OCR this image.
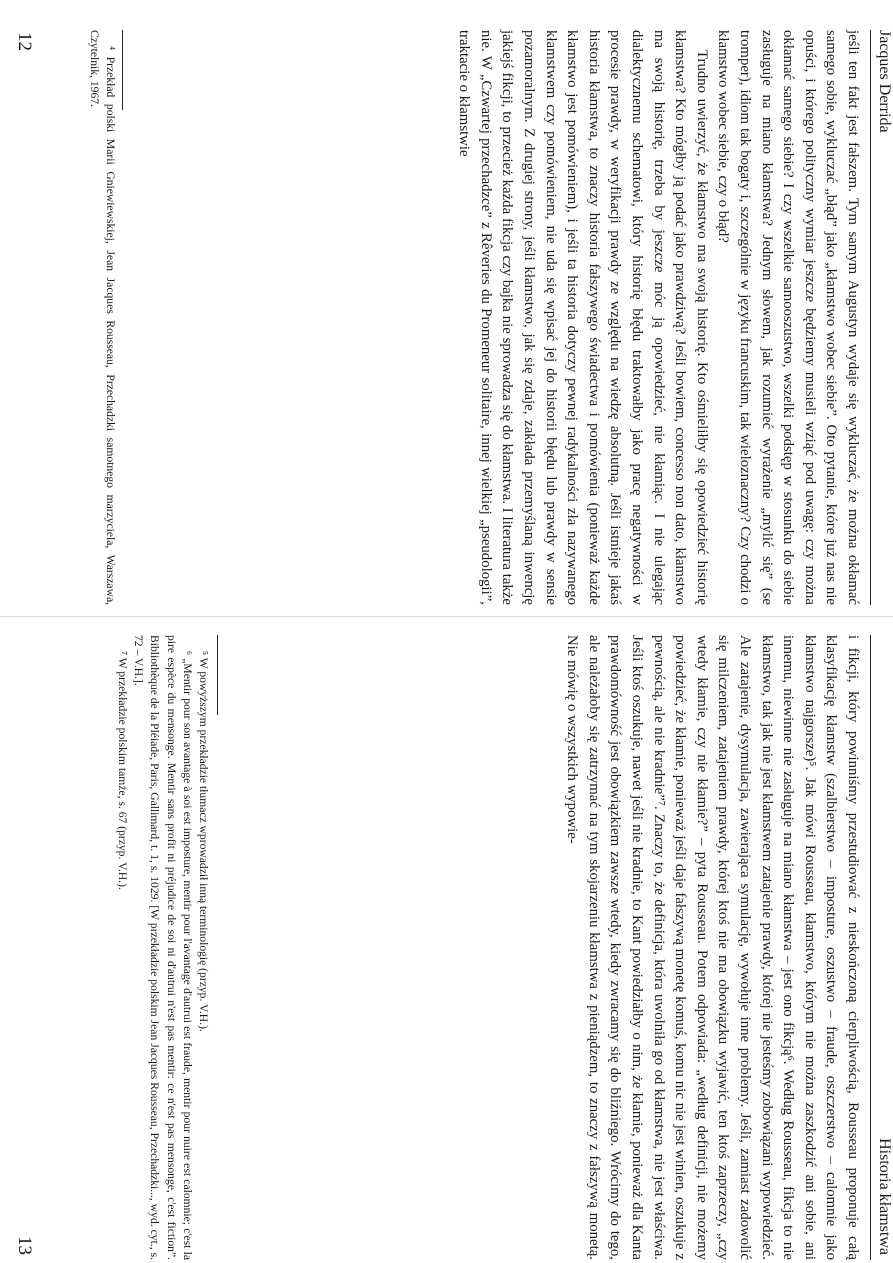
Jacques Derrida

jeśli ten fakt jest fałszem. Tym samym Augustyn wydaje się wykluczać, że można okłamać samego sobie, wykluczać „błąd” jako „kłamstwo wobec siebie”. Oto pytanie, które już nas nie opuści, i którego polityczny wymiar jeszcze będziemy musieli wziąć pod uwagę: czy można okłamać samego siebie? I czy wszelkie samooszustwo, wszelki podstęp w stosunku do siebie zasługuje na miano kłamstwa? Jednym słowem, jak rozumieć wyrażenie „mylić się” (se tromper), idiom tak bogaty i, szczególnie w języku francuskim, tak wieloznaczny? Czy chodzi o kłamstwo wobec siebie, czy o błąd?

Trudno uwierzyć, że kłamstwo ma swoją historię. Kto ośmieliłby się opowiedzieć historię kłamstwa? Kto mógłby ją podać jako prawdziwą? Jeśli bowiem, concesso non dato, kłamstwo ma swoją historię, trzeba by jeszcze móc ją opowiedzieć, nie kłamiąc. I nie ulegając dialektycznemu schematowi, który historię błędu traktowałby jako pracę negatywności w procesie prawdy, w weryfikacji prawdy ze względu na wiedzę absolutną. Jeśli istnieje jakaś historia kłamstwa, to znaczy historia fałszywego świadectwa i pomówienia (ponieważ każde kłamstwo jest pomówieniem), i jeśli ta historia dotyczy pewnej radykalności zła nazywanego kłamstwem czy pomówieniem, nie uda się wpisać jej do historii błędu lub prawdy w sensie pozamoralnym. Z drugiej strony, jeśli kłamstwo, jak się zdaje, zakłada przemyślaną inwencję jakiejś fikcji, to przecież każda fikcja czy bajka nie sprowadza się do kłamstwa. I literatura także nie. W „Czwartej przechadzce” z Rêveries du Promeneur solitaire, innej wielkiej „pseudologii”, traktacie o kłamstwie

⁴ Przekład polski Marii Gniewiewskiej, Jean Jacques Rousseau, Przechadzki samotnego marzyciela, Warszawa, Czytelnik, 1967.

12
Historia kłamstwa

i fikcji, który powinniśmy przestudiować z nieskończoną cierpliwością, Rousseau proponuje całą klasyfikację kłamstw (szalbierstwo – imposture, oszustwo – fraude, oszczerstwo – calomnie jako kłamstwo najgorsze)⁵. Jak mówi Rousseau, kłamstwo, którym nie można zaszkodzić ani sobie, ani innemu, niewinne nie zasługuje na miano kłamstwa – jest ono fikcją⁶. Według Rousseau, fikcja to nie kłamstwo, tak jak nie jest kłamstwem zatajenie prawdy, której nie jesteśmy zobowiązani wypowiedzieć. Ale zatajenie, dysymulacja, zawierająca symulację, wywołuje inne problemy. Jeśli, zamiast zadowolić się milczeniem, zatajeniem prawdy, której ktoś nie ma obowiązku wyjawić, ten ktoś zaprzeczy, „czy wtedy kłamie, czy nie kłamie?” – pyta Rousseau. Potem odpowiada: „według definicji, nie możemy powiedzieć, że kłamie, ponieważ jeśli daje fałszywą monetę komuś, komu nic nie jest winien, oszukuje z pewnością, ale nie kradnie”⁷. Znaczy to, że definicja, która uwolniła go od kłamstwa, nie jest właściwa. Jeśli ktoś oszukuje, nawet jeśli nie kradnie, to Kant powiedziałby o nim, że kłamie, ponieważ dla Kanta prawdomówność jest obowiązkiem zawsze wtedy, kiedy zwracamy się do bliźniego. Wrócimy do tego, ale należałoby się zatrzymać na tym skojarzeniu kłamstwa z pieniądzem, to znaczy z fałszywą monetą. Nie mówię o wszystkich wypowie-

⁵ W powyższym przekładzie tłumacz wprowadził inną terminologię (przyp. V.H.).

⁶ „Mentir pour son avantage à soi est imposture, mentir pour l'avantage d'autrui est fraude, mentir pour nuire est calomnie; c'est la pire espèce du mensonge. Mentir sans profit ni préjudice de soi ni d'autrui n'est pas mentir: ce n'est pas mensonge, c'est fiction”. Bibliothèque de la Pléiade, Paris, Gallimard, t. 1, s. 1029. [W przekładzie polskim Jean Jacques Rousseau, Przechadzki..., wyd. cyt., s. 72 – V.H.].

⁷ W przekładzie polskim tamże, s. 67 (przyp. V.H.).

13
